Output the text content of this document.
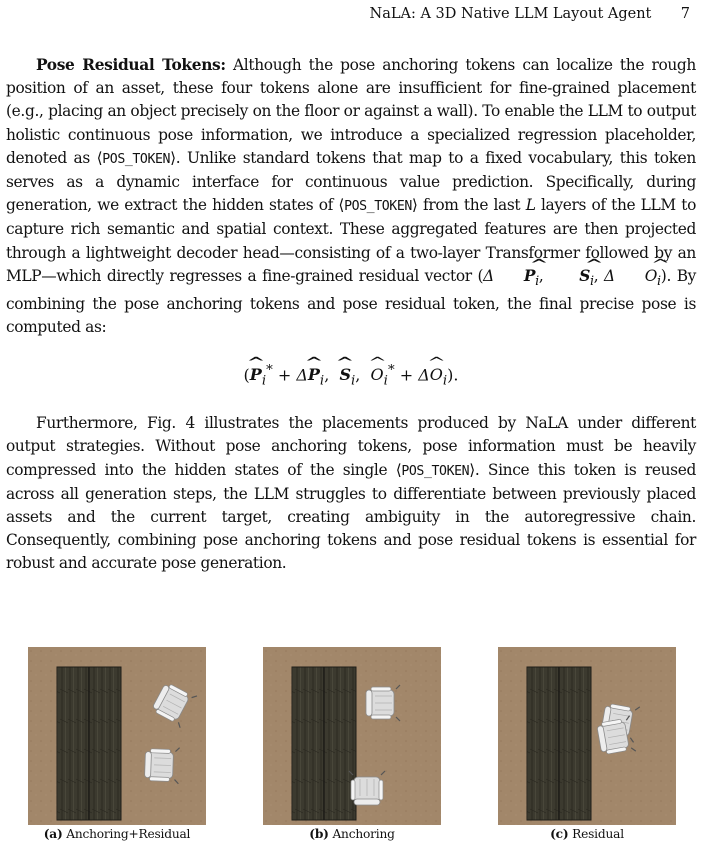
NaLA: A 3D Native LLM Layout Agent 7

Pose Residual Tokens: Although the pose anchoring tokens can localize the rough position of an asset, these four tokens alone are insufficient for fine-grained placement (e.g., placing an object precisely on the floor or against a wall). To enable the LLM to output holistic continuous pose information, we introduce a specialized regression placeholder, denoted as ⟨POS_TOKEN⟩. Unlike standard tokens that map to a fixed vocabulary, this token serves as a dynamic interface for continuous value prediction. Specifically, during generation, we extract the hidden states of ⟨POS_TOKEN⟩ from the last L layers of the LLM to capture rich semantic and spatial context. These aggregated features are then projected through a lightweight decoder head—consisting of a two-layer Transformer followed by an MLP—which directly regresses a fine-grained residual vector (Δ ^ $P_i$, ^ $S_i$, Δ ^ $O_i$). By combining the pose anchoring tokens and pose residual token, the final precise pose is computed as:

(^ $P_i^*$ + Δ^ $P_i$,  ^ $S_i$,  ^ $O_i^*$ + Δ^ $O_i$).

Furthermore, Fig. 4 illustrates the placements produced by NaLA under different output strategies. Without pose anchoring tokens, pose information must be heavily compressed into the hidden states of the single ⟨POS_TOKEN⟩. Since this token is reused across all generation steps, the LLM struggles to differentiate between previously placed assets and the current target, creating ambiguity in the autoregressive chain. Consequently, combining pose anchoring tokens and pose residual tokens is essential for robust and accurate pose generation.

(a) Anchoring+Residual	(b) Anchoring	(c) Residual
